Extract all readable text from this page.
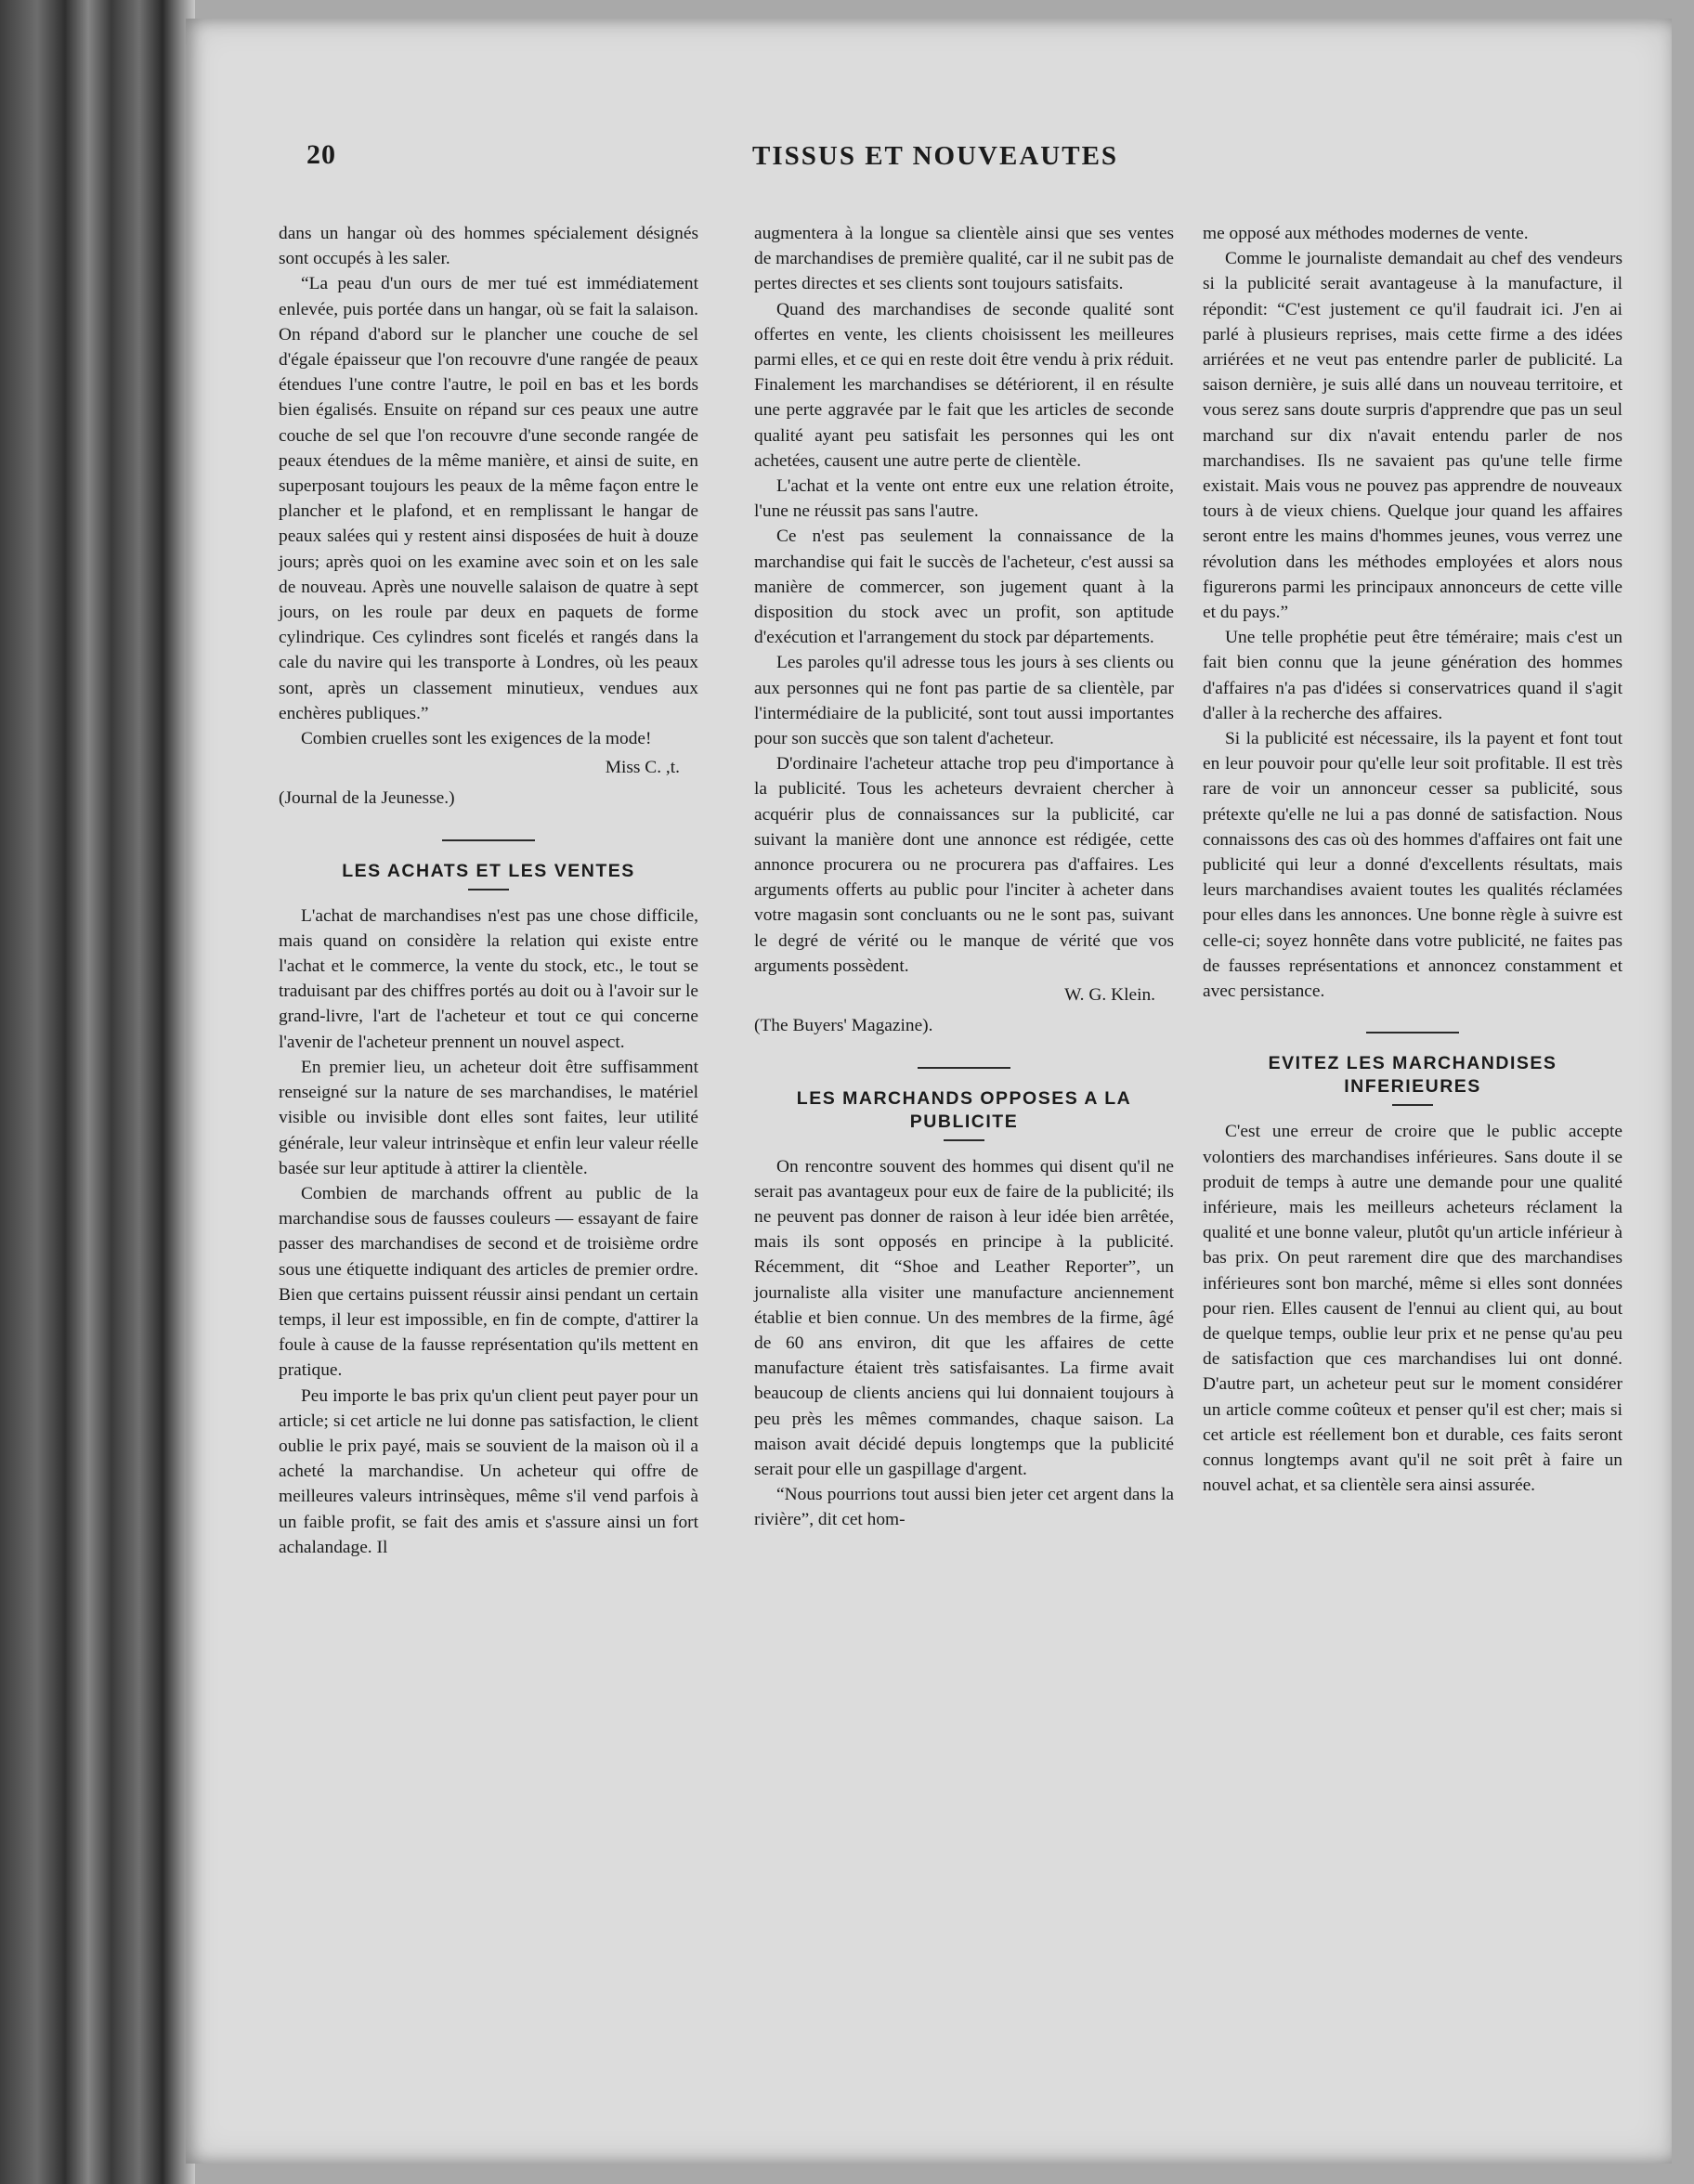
20	TISSUS ET NOUVEAUTES

dans un hangar où des hommes spécialement désignés sont occupés à les saler.

“La peau d'un ours de mer tué est immédiatement enlevée, puis portée dans un hangar, où se fait la salaison. On répand d'abord sur le plancher une couche de sel d'égale épaisseur que l'on recouvre d'une rangée de peaux étendues l'une contre l'autre, le poil en bas et les bords bien égalisés. Ensuite on répand sur ces peaux une autre couche de sel que l'on recouvre d'une seconde rangée de peaux étendues de la même manière, et ainsi de suite, en superposant toujours les peaux de la même façon entre le plancher et le plafond, et en remplissant le hangar de peaux salées qui y restent ainsi disposées de huit à douze jours; après quoi on les examine avec soin et on les sale de nouveau. Après une nouvelle salaison de quatre à sept jours, on les roule par deux en paquets de forme cylindrique. Ces cylindres sont ficelés et rangés dans la cale du navire qui les transporte à Londres, où les peaux sont, après un classement minutieux, vendues aux enchères publiques.”

Combien cruelles sont les exigences de la mode!

Miss C. ,t.
(Journal de la Jeunesse.)
LES ACHATS ET LES VENTES

L'achat de marchandises n'est pas une chose difficile, mais quand on considère la relation qui existe entre l'achat et le commerce, la vente du stock, etc., le tout se traduisant par des chiffres portés au doit ou à l'avoir sur le grand-livre, l'art de l'acheteur et tout ce qui concerne l'avenir de l'acheteur prennent un nouvel aspect.

En premier lieu, un acheteur doit être suffisamment renseigné sur la nature de ses marchandises, le matériel visible ou invisible dont elles sont faites, leur utilité générale, leur valeur intrinsèque et enfin leur valeur réelle basée sur leur aptitude à attirer la clientèle.

Combien de marchands offrent au public de la marchandise sous de fausses couleurs — essayant de faire passer des marchandises de second et de troisième ordre sous une étiquette indiquant des articles de premier ordre. Bien que certains puissent réussir ainsi pendant un certain temps, il leur est impossible, en fin de compte, d'attirer la foule à cause de la fausse représentation qu'ils mettent en pratique.

Peu importe le bas prix qu'un client peut payer pour un article; si cet article ne lui donne pas satisfaction, le client oublie le prix payé, mais se souvient de la maison où il a acheté la marchandise. Un acheteur qui offre de meilleures valeurs intrinsèques, même s'il vend parfois à un faible profit, se fait des amis et s'assure ainsi un fort achalandage. Il

augmentera à la longue sa clientèle ainsi que ses ventes de marchandises de première qualité, car il ne subit pas de pertes directes et ses clients sont toujours satisfaits.

Quand des marchandises de seconde qualité sont offertes en vente, les clients choisissent les meilleures parmi elles, et ce qui en reste doit être vendu à prix réduit. Finalement les marchandises se détériorent, il en résulte une perte aggravée par le fait que les articles de seconde qualité ayant peu satisfait les personnes qui les ont achetées, causent une autre perte de clientèle.

L'achat et la vente ont entre eux une relation étroite, l'une ne réussit pas sans l'autre.

Ce n'est pas seulement la connaissance de la marchandise qui fait le succès de l'acheteur, c'est aussi sa manière de commercer, son jugement quant à la disposition du stock avec un profit, son aptitude d'exécution et l'arrangement du stock par départements.

Les paroles qu'il adresse tous les jours à ses clients ou aux personnes qui ne font pas partie de sa clientèle, par l'intermédiaire de la publicité, sont tout aussi importantes pour son succès que son talent d'acheteur.

D'ordinaire l'acheteur attache trop peu d'importance à la publicité. Tous les acheteurs devraient chercher à acquérir plus de connaissances sur la publicité, car suivant la manière dont une annonce est rédigée, cette annonce procurera ou ne procurera pas d'affaires. Les arguments offerts au public pour l'inciter à acheter dans votre magasin sont concluants ou ne le sont pas, suivant le degré de vérité ou le manque de vérité que vos arguments possèdent.

W. G. Klein.
(The Buyers' Magazine).
LES MARCHANDS OPPOSES A LA PUBLICITE

On rencontre souvent des hommes qui disent qu'il ne serait pas avantageux pour eux de faire de la publicité; ils ne peuvent pas donner de raison à leur idée bien arrêtée, mais ils sont opposés en principe à la publicité. Récemment, dit “Shoe and Leather Reporter”, un journaliste alla visiter une manufacture anciennement établie et bien connue. Un des membres de la firme, âgé de 60 ans environ, dit que les affaires de cette manufacture étaient très satisfaisantes. La firme avait beaucoup de clients anciens qui lui donnaient toujours à peu près les mêmes commandes, chaque saison. La maison avait décidé depuis longtemps que la publicité serait pour elle un gaspillage d'argent.

“Nous pourrions tout aussi bien jeter cet argent dans la rivière”, dit cet hom-

me opposé aux méthodes modernes de vente.

Comme le journaliste demandait au chef des vendeurs si la publicité serait avantageuse à la manufacture, il répondit: “C'est justement ce qu'il faudrait ici. J'en ai parlé à plusieurs reprises, mais cette firme a des idées arriérées et ne veut pas entendre parler de publicité. La saison dernière, je suis allé dans un nouveau territoire, et vous serez sans doute surpris d'apprendre que pas un seul marchand sur dix n'avait entendu parler de nos marchandises. Ils ne savaient pas qu'une telle firme existait. Mais vous ne pouvez pas apprendre de nouveaux tours à de vieux chiens. Quelque jour quand les affaires seront entre les mains d'hommes jeunes, vous verrez une révolution dans les méthodes employées et alors nous figurerons parmi les principaux annonceurs de cette ville et du pays.”

Une telle prophétie peut être téméraire; mais c'est un fait bien connu que la jeune génération des hommes d'affaires n'a pas d'idées si conservatrices quand il s'agit d'aller à la recherche des affaires.

Si la publicité est nécessaire, ils la payent et font tout en leur pouvoir pour qu'elle leur soit profitable. Il est très rare de voir un annonceur cesser sa publicité, sous prétexte qu'elle ne lui a pas donné de satisfaction. Nous connaissons des cas où des hommes d'affaires ont fait une publicité qui leur a donné d'excellents résultats, mais leurs marchandises avaient toutes les qualités réclamées pour elles dans les annonces. Une bonne règle à suivre est celle-ci; soyez honnête dans votre publicité, ne faites pas de fausses représentations et annoncez constamment et avec persistance.

EVITEZ LES MARCHANDISES INFERIEURES

C'est une erreur de croire que le public accepte volontiers des marchandises inférieures. Sans doute il se produit de temps à autre une demande pour une qualité inférieure, mais les meilleurs acheteurs réclament la qualité et une bonne valeur, plutôt qu'un article inférieur à bas prix. On peut rarement dire que des marchandises inférieures sont bon marché, même si elles sont données pour rien. Elles causent de l'ennui au client qui, au bout de quelque temps, oublie leur prix et ne pense qu'au peu de satisfaction que ces marchandises lui ont donné. D'autre part, un acheteur peut sur le moment considérer un article comme coûteux et penser qu'il est cher; mais si cet article est réellement bon et durable, ces faits seront connus longtemps avant qu'il ne soit prêt à faire un nouvel achat, et sa clientèle sera ainsi assurée.
